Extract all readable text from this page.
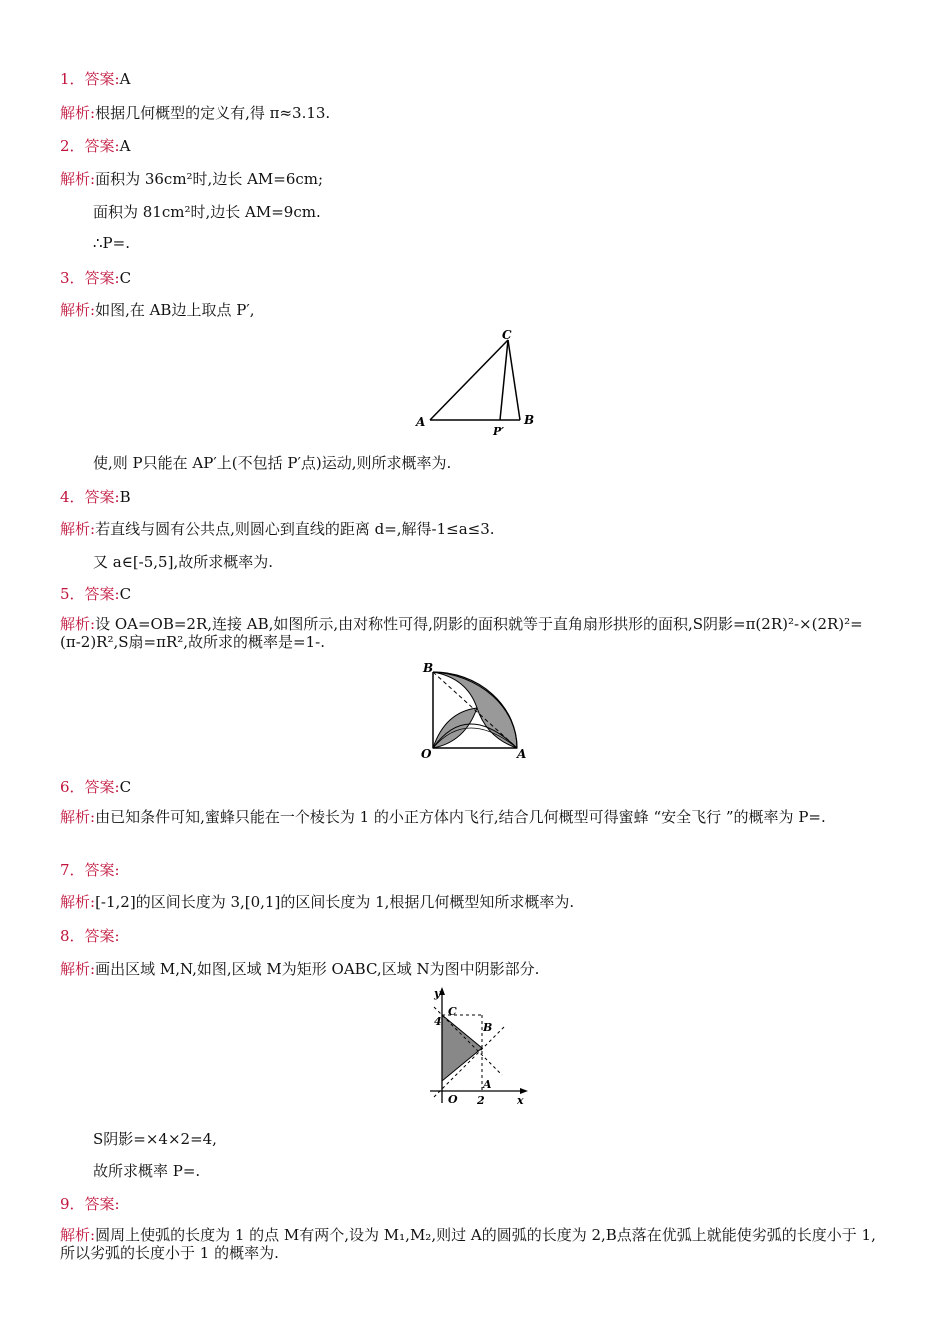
1．答案:A
解析:根据几何概型的定义有,得 π≈3.13.
2．答案:A
解析:面积为 36cm²时,边长 AM=6cm;
面积为 81cm²时,边长 AM=9cm.
∴P=.
3．答案:C
解析:如图,在 AB边上取点 P′,
A	B
C
P′
使,则 P只能在 AP′上(不包括 P′点)运动,则所求概率为.
4．答案:B
解析:若直线与圆有公共点,则圆心到直线的距离 d=,解得-1≤a≤3.
又 a∈[-5,5],故所求概率为.
5．答案:C
解析:设 OA=OB=2R,连接 AB,如图所示,由对称性可得,阴影的面积就等于直角扇形拱形的面积,S阴影=π(2R)²-×(2R)²=(π-2)R²,S扇=πR²,故所求的概率是=1-.
B
O	A
6．答案:C
解析:由已知条件可知,蜜蜂只能在一个棱长为 1 的小正方体内飞行,结合几何概型可得蜜蜂 “安全飞行 ”的概率为 P=.
7．答案:
解析:[-1,2]的区间长度为 3,[0,1]的区间长度为 1,根据几何概型知所求概率为.
8．答案:
解析:画出区域 M,N,如图,区域 M为矩形 OABC,区域 N为图中阴影部分.
y
x
C
B
A
O
4
2
S阴影=×4×2=4,
故所求概率 P=.
9．答案:
解析:圆周上使弧的长度为 1 的点 M有两个,设为 M₁,M₂,则过 A的圆弧的长度为 2,B点落在优弧上就能使劣弧的长度小于 1,所以劣弧的长度小于 1 的概率为.
